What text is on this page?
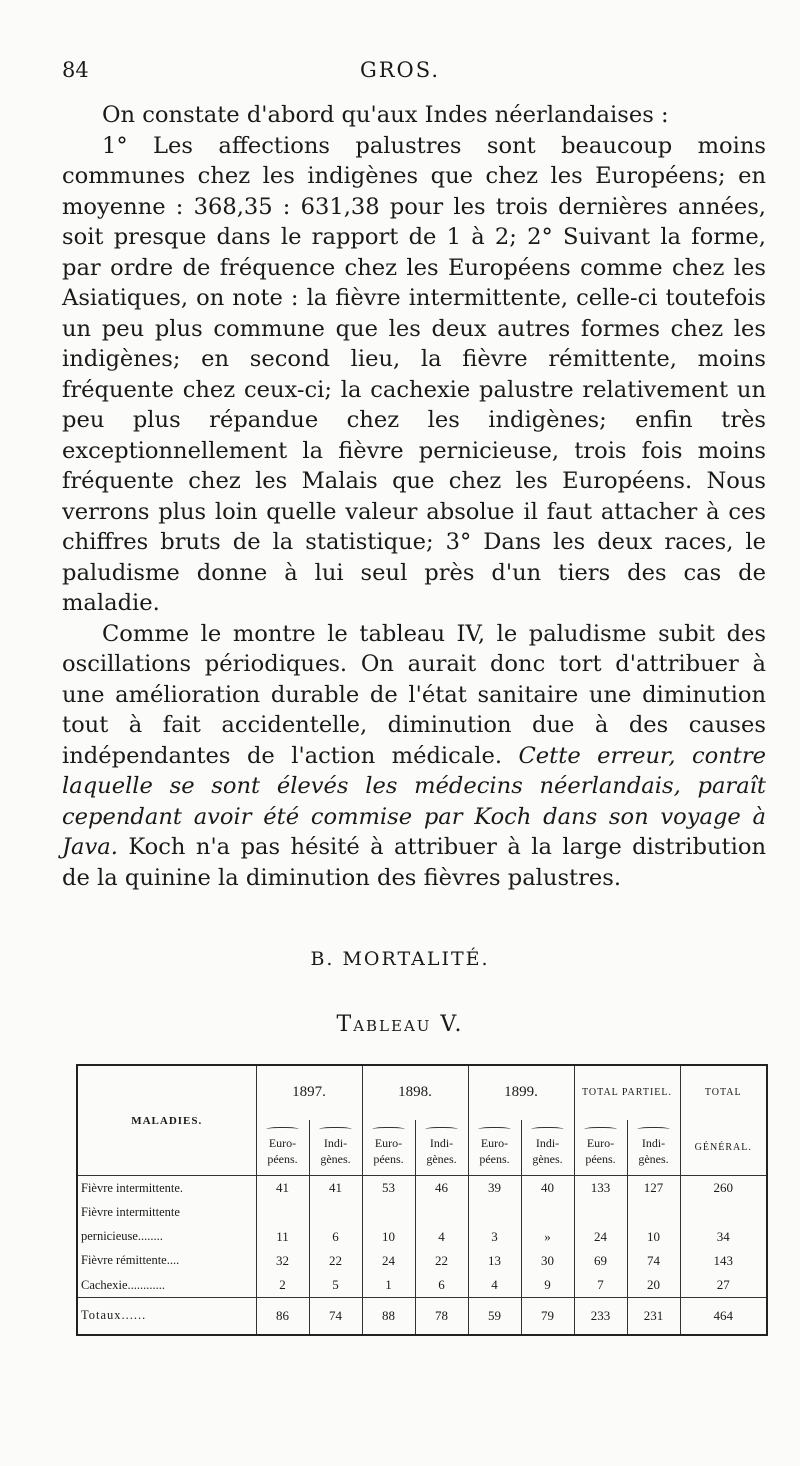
84	GROS.

On constate d'abord qu'aux Indes néerlandaises :

1° Les affections palustres sont beaucoup moins communes chez les indigènes que chez les Européens; en moyenne : 368,35 : 631,38 pour les trois dernières années, soit presque dans le rapport de 1 à 2; 2° Suivant la forme, par ordre de fréquence chez les Européens comme chez les Asiatiques, on note : la fièvre intermittente, celle-ci toutefois un peu plus commune que les deux autres formes chez les indigènes; en second lieu, la fièvre rémittente, moins fréquente chez ceux-ci; la cachexie palustre relativement un peu plus répandue chez les indigènes; enfin très exceptionnellement la fièvre pernicieuse, trois fois moins fréquente chez les Malais que chez les Européens. Nous verrons plus loin quelle valeur absolue il faut attacher à ces chiffres bruts de la statistique; 3° Dans les deux races, le paludisme donne à lui seul près d'un tiers des cas de maladie.

Comme le montre le tableau IV, le paludisme subit des oscillations périodiques. On aurait donc tort d'attribuer à une amélioration durable de l'état sanitaire une diminution tout à fait accidentelle, diminution due à des causes indépendantes de l'action médicale. Cette erreur, contre laquelle se sont élevés les médecins néerlandais, paraît cependant avoir été commise par Koch dans son voyage à Java. Koch n'a pas hésité à attribuer à la large distribution de la quinine la diminution des fièvres palustres.

B. MORTALITÉ.
Tableau V.
MALADIES.	1897.		1898.		1899.		TOTAL PARTIEL.		TOTAL

Euro-péens.	Indi-gènes.	Euro-péens.	Indi-gènes.	Euro-péens.	Indi-gènes.	Euro-péens.	Indi-gènes.	GÉNÉRAL.
Fièvre intermittente.	41	41	53	46	39	40	133	127	260
Fièvre intermittente									
pernicieuse........	11	6	10	4	3	»	24	10	34
Fièvre rémittente....	32	22	24	22	13	30	69	74	143
Cachexie............	2	5	1	6	4	9	7	20	27
Totaux......	86	74	88	78	59	79	233	231	464
